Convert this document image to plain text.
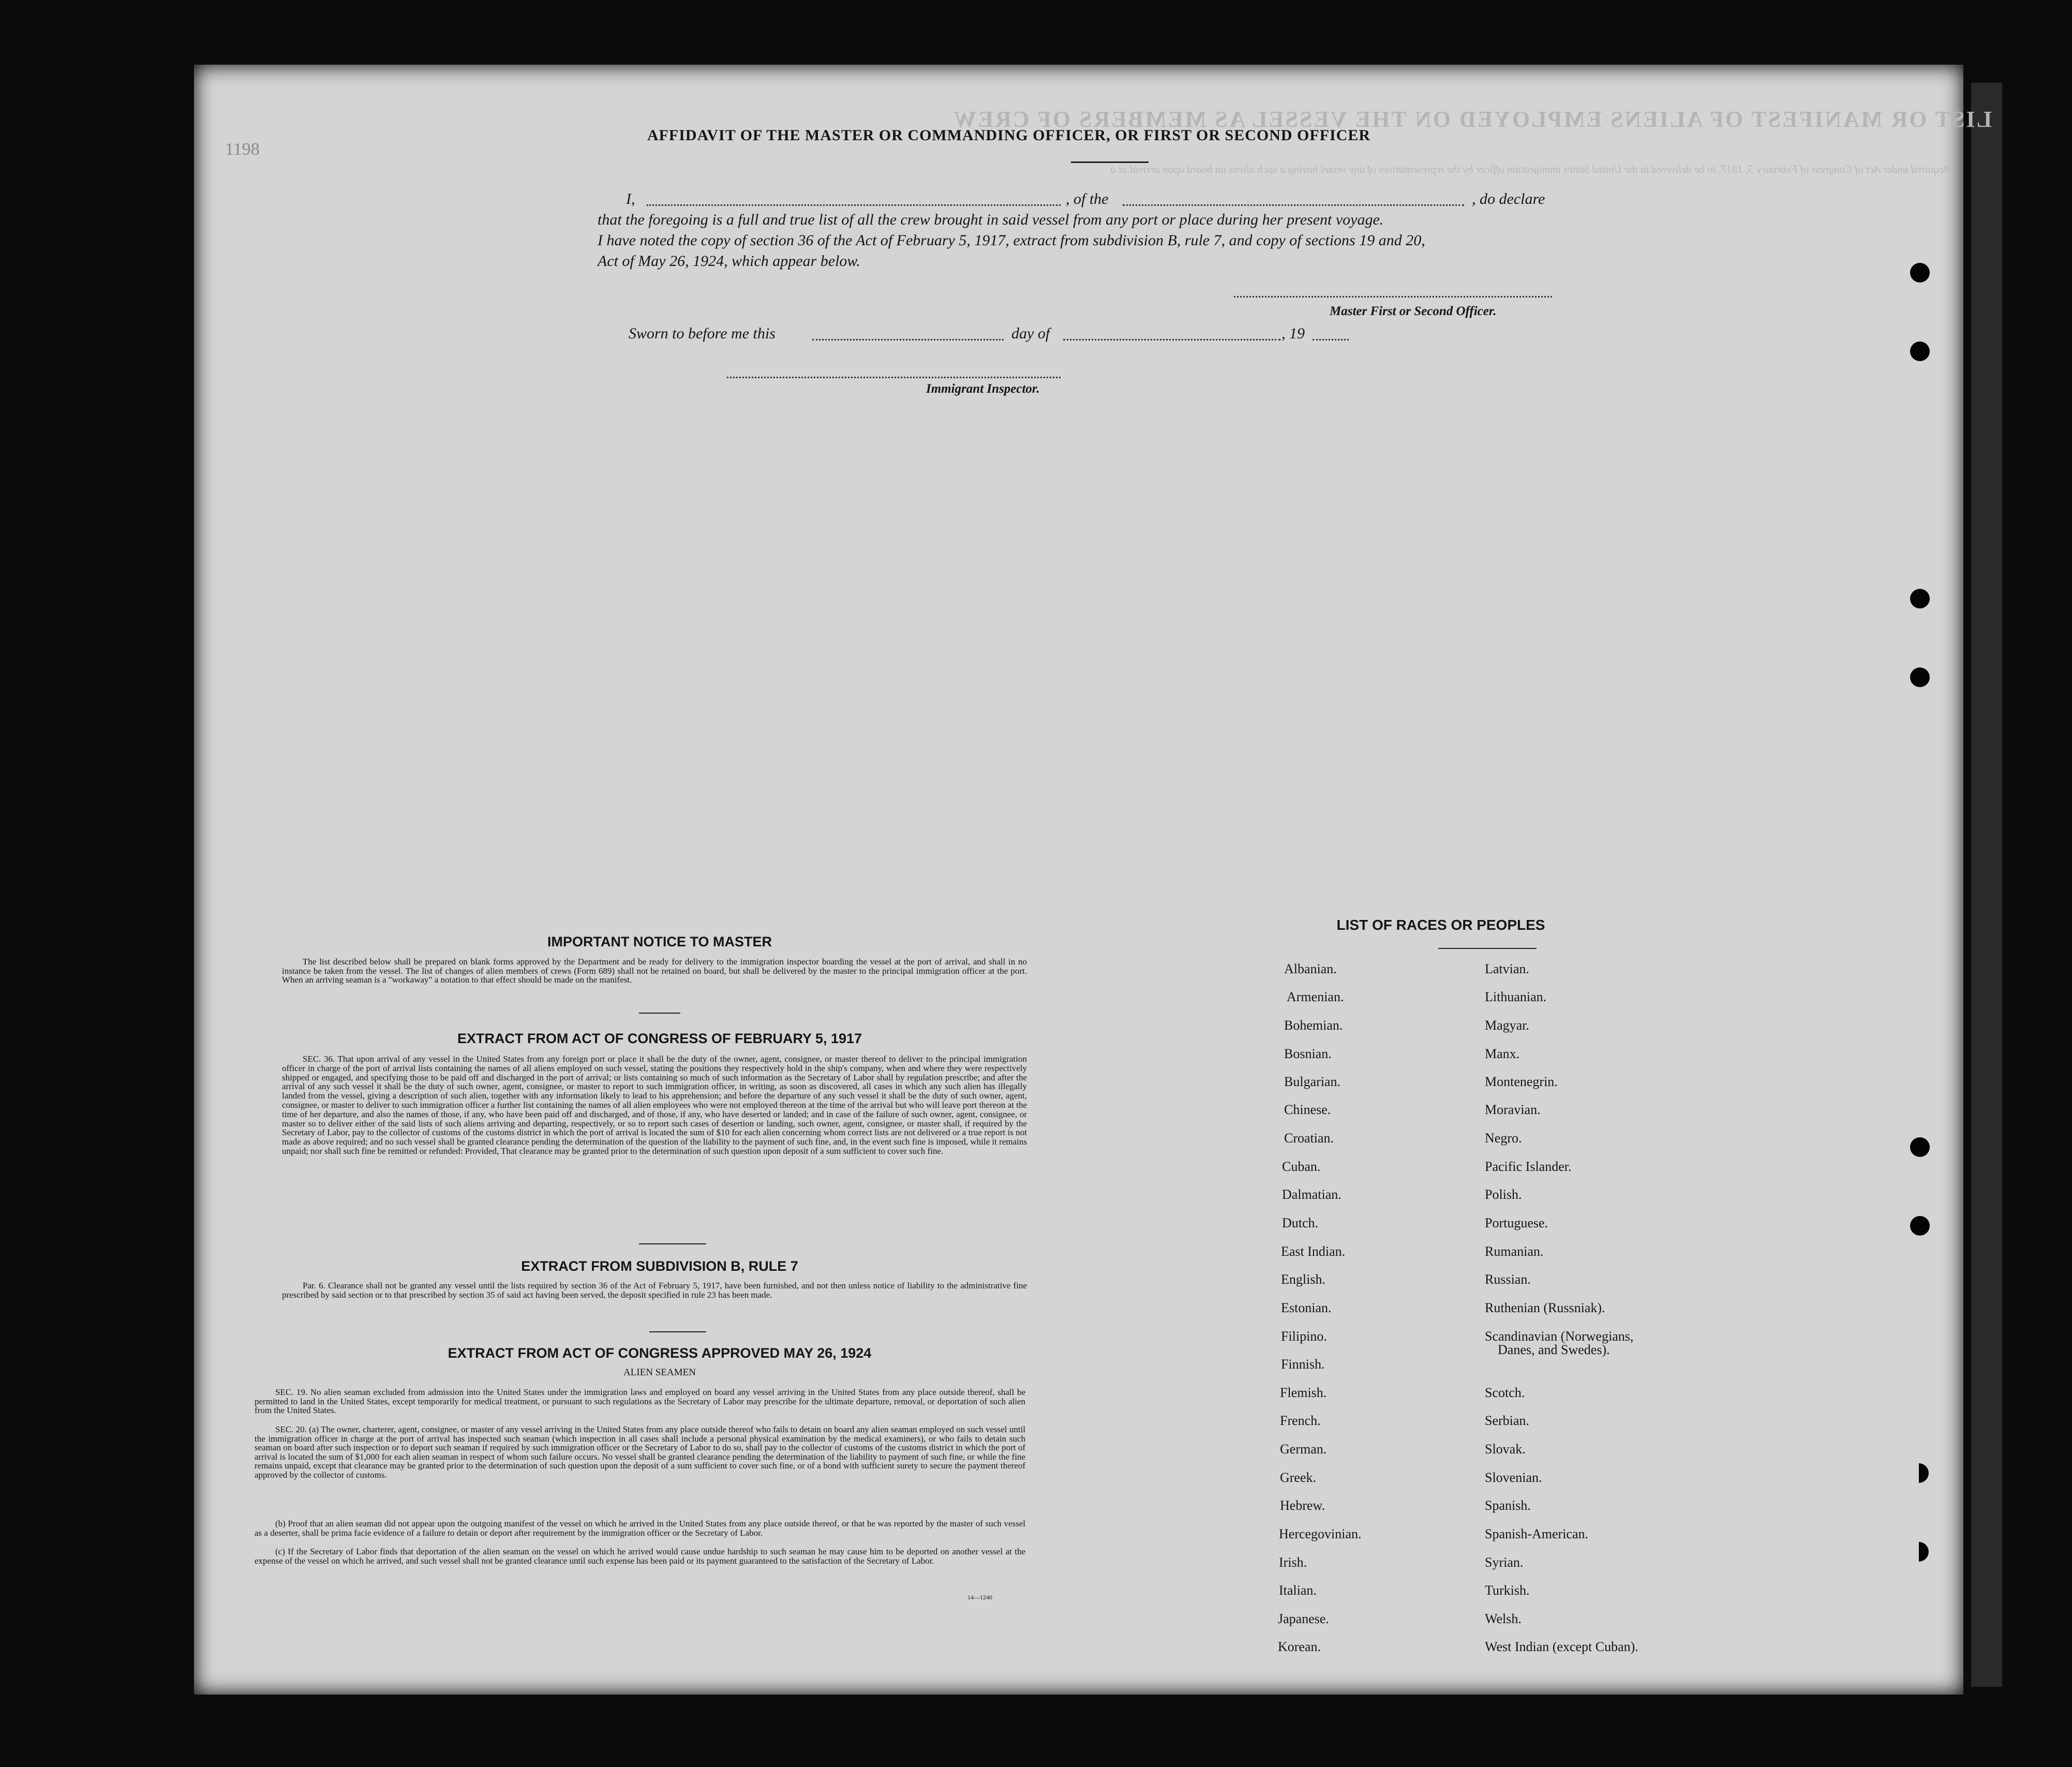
LIST OR MANIFEST OF ALIENS EMPLOYED ON THE VESSEL AS MEMBERS OF CREW
Required under Act of Congress of February 5, 1917, to be delivered to the United States immigration officer by the representatives of any vessel having a such aliens on board upon arrival at a
1198
AFFIDAVIT OF THE MASTER OR COMMANDING OFFICER, OR FIRST OR SECOND OFFICER
I,	, of the	, do declare
that the foregoing is a full and true list of all the crew brought in said vessel from any port or place during her present voyage.
I have noted the copy of section 36 of the Act of February 5, 1917, extract from subdivision B, rule 7, and copy of sections 19 and 20,
Act of May 26, 1924, which appear below.
Master First or Second Officer.
Sworn to before me this	day of	, 19
Immigrant Inspector.
IMPORTANT NOTICE TO MASTER
The list described below shall be prepared on blank forms approved by the Department and be ready for delivery to the immigration inspector boarding the vessel at the port of arrival, and shall in no instance be taken from the vessel. The list of changes of alien members of crews (Form 689) shall not be retained on board, but shall be delivered by the master to the principal immigration officer at the port. When an arriving seaman is a "workaway" a notation to that effect should be made on the manifest.
EXTRACT FROM ACT OF CONGRESS OF FEBRUARY 5, 1917
SEC. 36. That upon arrival of any vessel in the United States from any foreign port or place it shall be the duty of the owner, agent, consignee, or master thereof to deliver to the principal immigration officer in charge of the port of arrival lists containing the names of all aliens employed on such vessel, stating the positions they respectively hold in the ship's company, when and where they were respectively shipped or engaged, and specifying those to be paid off and discharged in the port of arrival; or lists containing so much of such information as the Secretary of Labor shall by regulation prescribe; and after the arrival of any such vessel it shall be the duty of such owner, agent, consignee, or master to report to such immigration officer, in writing, as soon as discovered, all cases in which any such alien has illegally landed from the vessel, giving a description of such alien, together with any information likely to lead to his apprehension; and before the departure of any such vessel it shall be the duty of such owner, agent, consignee, or master to deliver to such immigration officer a further list containing the names of all alien employees who were not employed thereon at the time of the arrival but who will leave port thereon at the time of her departure, and also the names of those, if any, who have been paid off and discharged, and of those, if any, who have deserted or landed; and in case of the failure of such owner, agent, consignee, or master so to deliver either of the said lists of such aliens arriving and departing, respectively, or so to report such cases of desertion or landing, such owner, agent, consignee, or master shall, if required by the Secretary of Labor, pay to the collector of customs of the customs district in which the port of arrival is located the sum of $10 for each alien concerning whom correct lists are not delivered or a true report is not made as above required; and no such vessel shall be granted clearance pending the determination of the question of the liability to the payment of such fine, and, in the event such fine is imposed, while it remains unpaid; nor shall such fine be remitted or refunded: Provided, That clearance may be granted prior to the determination of such question upon deposit of a sum sufficient to cover such fine.
EXTRACT FROM SUBDIVISION B, RULE 7
Par. 6. Clearance shall not be granted any vessel until the lists required by section 36 of the Act of February 5, 1917, have been furnished, and not then unless notice of liability to the administrative fine prescribed by said section or to that prescribed by section 35 of said act having been served, the deposit specified in rule 23 has been made.
EXTRACT FROM ACT OF CONGRESS APPROVED MAY 26, 1924
ALIEN SEAMEN
SEC. 19. No alien seaman excluded from admission into the United States under the immigration laws and employed on board any vessel arriving in the United States from any place outside thereof, shall be permitted to land in the United States, except temporarily for medical treatment, or pursuant to such regulations as the Secretary of Labor may prescribe for the ultimate departure, removal, or deportation of such alien from the United States.
SEC. 20. (a) The owner, charterer, agent, consignee, or master of any vessel arriving in the United States from any place outside thereof who fails to detain on board any alien seaman employed on such vessel until the immigration officer in charge at the port of arrival has inspected such seaman (which inspection in all cases shall include a personal physical examination by the medical examiners), or who fails to detain such seaman on board after such inspection or to deport such seaman if required by such immigration officer or the Secretary of Labor to do so, shall pay to the collector of customs of the customs district in which the port of arrival is located the sum of $1,000 for each alien seaman in respect of whom such failure occurs. No vessel shall be granted clearance pending the determination of the liability to payment of such fine, or while the fine remains unpaid, except that clearance may be granted prior to the determination of such question upon the deposit of a sum sufficient to cover such fine, or of a bond with sufficient surety to secure the payment thereof approved by the collector of customs.
(b) Proof that an alien seaman did not appear upon the outgoing manifest of the vessel on which he arrived in the United States from any place outside thereof, or that he was reported by the master of such vessel as a deserter, shall be prima facie evidence of a failure to detain or deport after requirement by the immigration officer or the Secretary of Labor.
(c) If the Secretary of Labor finds that deportation of the alien seaman on the vessel on which he arrived would cause undue hardship to such seaman he may cause him to be deported on another vessel at the expense of the vessel on which he arrived, and such vessel shall not be granted clearance until such expense has been paid or its payment guaranteed to the satisfaction of the Secretary of Labor.
14—1240
LIST OF RACES OR PEOPLES
Albanian.
Armenian.
Bohemian.
Bosnian.
Bulgarian.
Chinese.
Croatian.
Cuban.
Dalmatian.
Dutch.
East Indian.
English.
Estonian.
Filipino.
Finnish.
Flemish.
French.
German.
Greek.
Hebrew.
Hercegovinian.
Irish.
Italian.
Japanese.
Korean.
Latvian.
Lithuanian.
Magyar.
Manx.
Montenegrin.
Moravian.
Negro.
Pacific Islander.
Polish.
Portuguese.
Rumanian.
Russian.
Ruthenian (Russniak).
Scandinavian (Norwegians,
Danes, and Swedes).
Scotch.
Serbian.
Slovak.
Slovenian.
Spanish.
Spanish-American.
Syrian.
Turkish.
Welsh.
West Indian (except Cuban).
